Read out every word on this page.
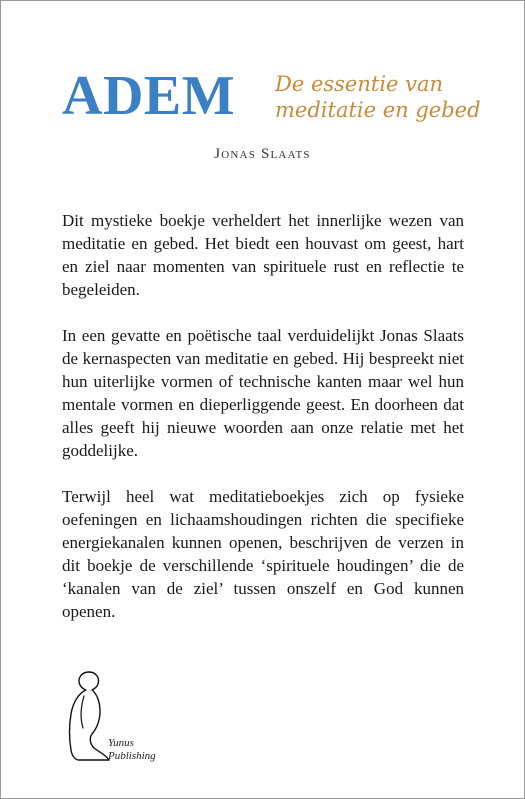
ADEM De essentie van
meditatie en gebed
Jonas Slaats

Dit mystieke boekje verheldert het innerlijke wezen van meditatie en gebed. Het biedt een houvast om geest, hart en ziel naar momenten van spirituele rust en reflectie te begeleiden.

In een gevatte en poëtische taal verduidelijkt Jonas Slaats de kernaspecten van meditatie en gebed. Hij bespreekt niet hun uiterlijke vormen of technische kanten maar wel hun mentale vormen en dieperliggende geest. En doorheen dat alles geeft hij nieuwe woorden aan onze relatie met het goddelijke.

Terwijl heel wat meditatieboekjes zich op fysieke oefeningen en lichaamshoudingen richten die specifieke energiekanalen kunnen openen, beschrijven de verzen in dit boekje de verschillende ‘spirituele houdingen’ die de ‘kanalen van de ziel’ tussen onszelf en God kunnen openen.

Yunus
Publishing
